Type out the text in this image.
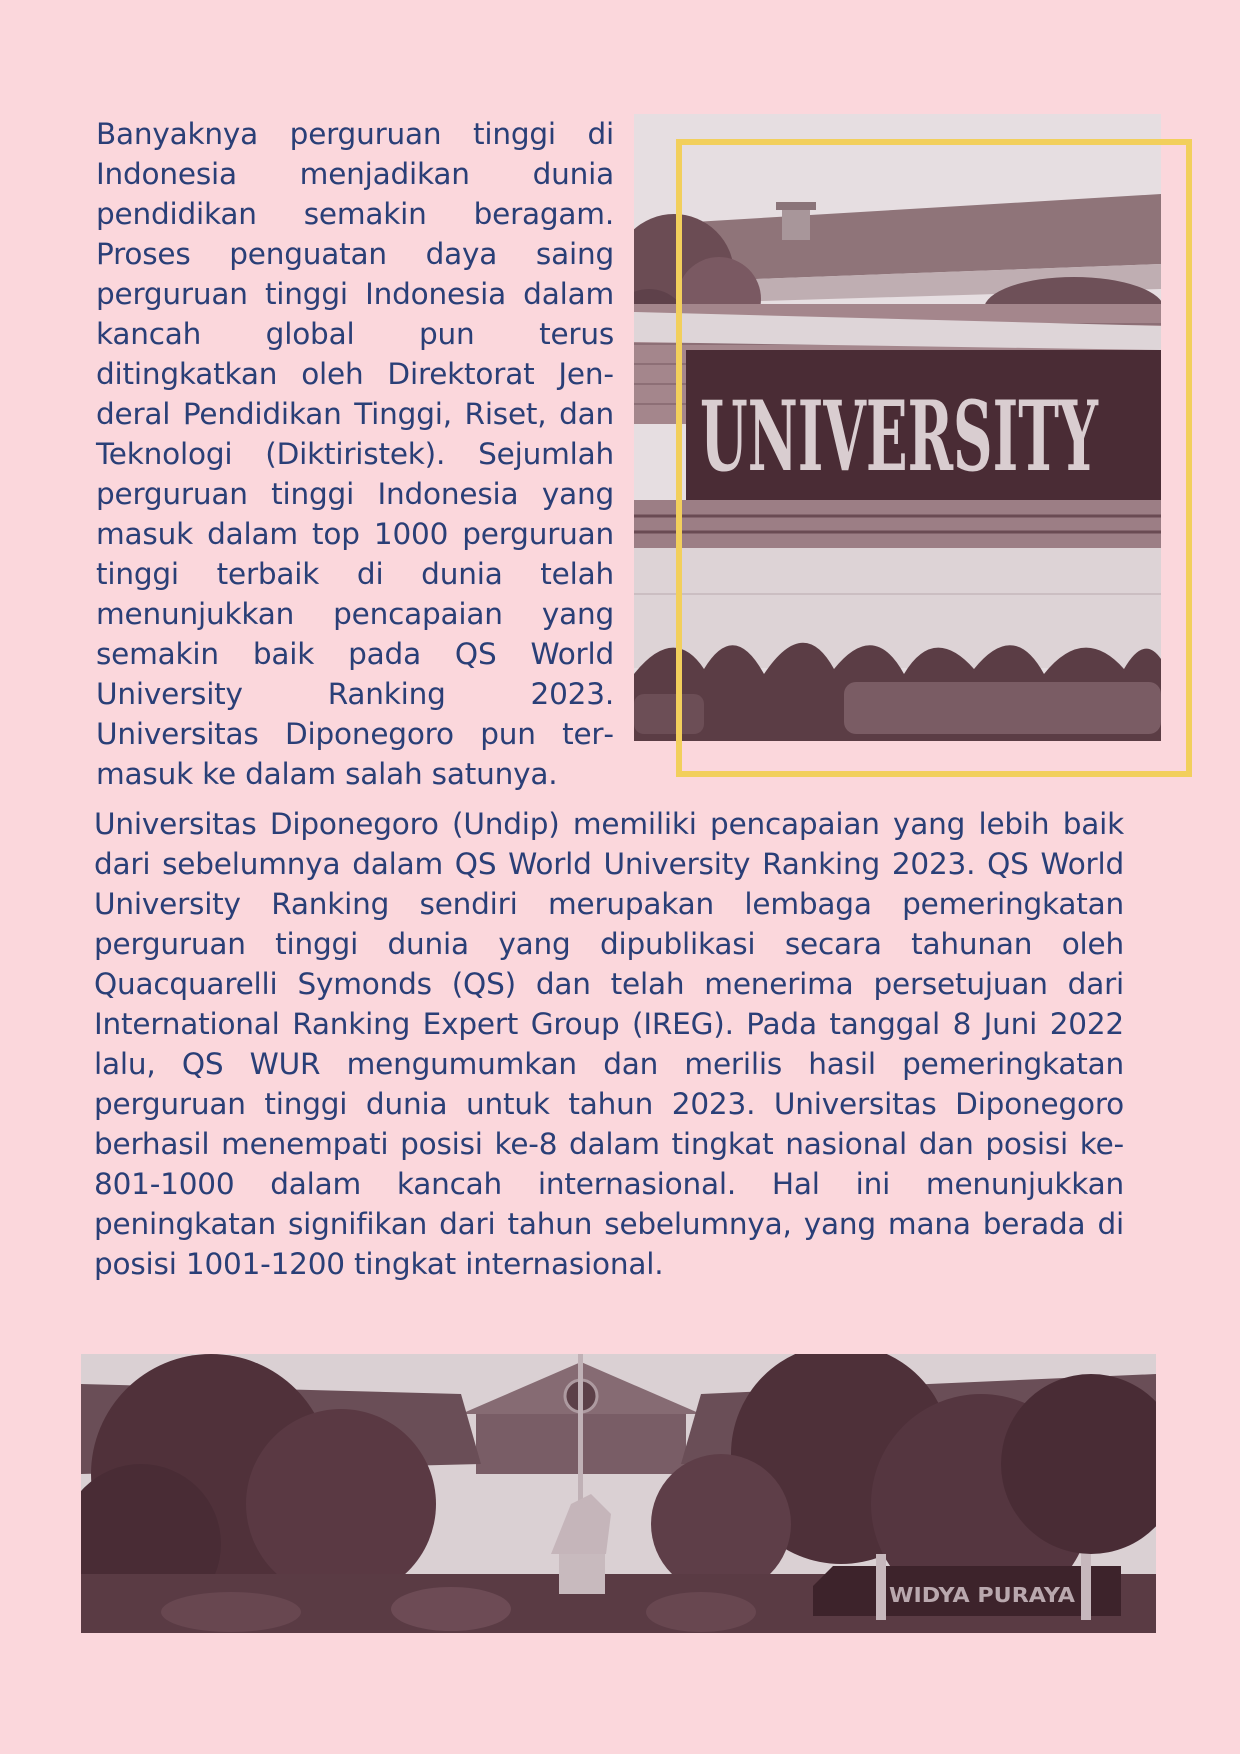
Banyaknya perguruan tinggi di Indonesia menjadikan dunia pendidikan semakin beragam. Proses penguatan daya saing perguruan tinggi Indonesia dalam kancah global pun terus ditingkatkan oleh Direktorat Jenderal Pendidikan Tinggi, Riset, dan Teknologi (Diktiristek). Sejumlah perguruan tinggi Indonesia yang masuk dalam top 1000 perguruan tinggi terbaik di dunia telah menunjukkan pencapaian yang semakin baik pada QS World University Ranking 2023. Universitas Diponegoro pun termasuk ke dalam salah satunya.

UNIVERSITY

Universitas Diponegoro (Undip) memiliki pencapaian yang lebih baik dari sebelumnya dalam QS World University Ranking 2023. QS World University Ranking sendiri merupakan lembaga pemeringkatan perguruan tinggi dunia yang dipublikasi secara tahunan oleh Quacquarelli Symonds (QS) dan telah menerima persetujuan dari International Ranking Expert Group (IREG). Pada tanggal 8 Juni 2022 lalu, QS WUR mengumumkan dan merilis hasil pemeringkatan perguruan tinggi dunia untuk tahun 2023. Universitas Diponegoro berhasil menempati posisi ke-8 dalam tingkat nasional dan posisi ke-801-1000 dalam kancah internasional. Hal ini menunjukkan peningkatan signifikan dari tahun sebelumnya, yang mana berada di posisi 1001-1200 tingkat internasional.

WIDYA PURAYA
